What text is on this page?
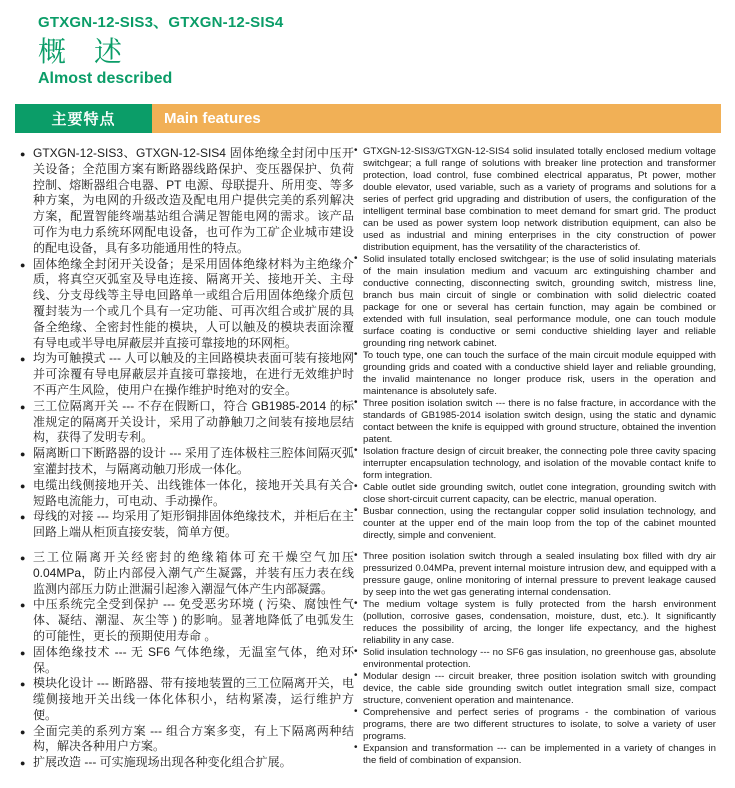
GTXGN-12-SIS3、GTXGN-12-SIS4
概　述
Almost described
主要特点	Main features
● GTXGN-12-SIS3、GTXGN-12-SIS4 固体绝缘全封闭中压开关设备；全范围方案有断路器线路保护、变压器保护、负荷控制、熔断器组合电器、PT 电源、母联提升、所用变、等多种方案，为电网的升级改造及配电用户提供完美的系列解决方案，配置智能终端基站组合满足智能电网的需求。该产品可作为电力系统环网配电设备，也可作为工矿企业城市建设的配电设备，具有多功能通用性的特点。
● 固体绝缘全封闭开关设备；是采用固体绝缘材料为主绝缘介质，将真空灭弧室及导电连接、隔离开关、接地开关、主母线、分支母线等主导电回路单一或组合后用固体绝缘介质包覆封装为一个或几个具有一定功能、可再次组合或扩展的具备全绝缘、全密封性能的模块，人可以触及的模块表面涂覆有导电或半导电屏蔽层并直接可靠接地的环网柜。
● 均为可触摸式 --- 人可以触及的主回路模块表面可装有接地网并可涂覆有导电屏蔽层并直接可靠接地，在进行无效维护时不再产生风险，使用户在操作维护时绝对的安全。
● 三工位隔离开关 --- 不存在假断口，符合 GB1985-2014 的标准规定的隔离开关设计，采用了动静触刀之间装有接地层结构，获得了发明专利。
● 隔离断口下断路器的设计 --- 采用了连体极柱三腔体间隔灭弧室灌封技术，与隔离动触刀形成一体化。
● 电缆出线侧接地开关、出线锥体一体化，接地开关具有关合短路电流能力，可电动、手动操作。
● 母线的对接 --- 均采用了矩形铜排固体绝缘技术，并柜后在主回路上端从柜顶直接安装，简单方便。
● 三工位隔离开关经密封的绝缘箱体可充干燥空气加压 0.04MPa，防止内部侵入潮气产生凝露，并装有压力表在线监测内部压力防止泄漏引起渗入潮湿气体产生内部凝露。
● 中压系统完全受到保护 --- 免受恶劣环境 ( 污染、腐蚀性气体、凝结、潮湿、灰尘等 ) 的影响。显著地降低了电弧发生的可能性，更长的预期使用寿命 。
● 固体绝缘技术 --- 无 SF6 气体绝缘，无温室气体，绝对环保。
● 模块化设计 --- 断路器、带有接地装置的三工位隔离开关，电缆侧接地开关出线一体化体积小，结构紧凑，运行维护方便。
● 全面完美的系列方案 --- 组合方案多变，有上下隔离两种结构，解决各种用户方案。
● 扩展改造 --- 可实施现场出现各种变化组合扩展。
• GTXGN-12-SIS3/GTXGN-12-SIS4 solid insulated totally enclosed medium voltage switchgear; a full range of solutions with breaker line protection and transformer protection, load control, fuse combined electrical apparatus, Pt power, mother double elevator, used variable, such as a variety of programs and solutions for a series of perfect grid upgrading and distribution of users, the configuration of the intelligent terminal base combination to meet demand for smart grid. The product can be used as power system loop network distribution equipment, can also be used as industrial and mining enterprises in the city construction of power distribution equipment, has the versatility of the characteristics of.
• Solid insulated totally enclosed switchgear; is the use of solid insulating materials of the main insulation medium and vacuum arc extinguishing chamber and conductive connecting, disconnecting switch, grounding switch, mistress line, branch bus main circuit of single or combination with solid dielectric coated package for one or several has certain function, may again be combined or extended with full insulation, seal performance module, one can touch module surface coating is conductive or semi conductive shielding layer and reliable grounding ring network cabinet.
• To touch type, one can touch the surface of the main circuit module equipped with grounding grids and coated with a conductive shield layer and reliable grounding, the invalid maintenance no longer produce risk, users in the operation and maintenance is absolutely safe.
• Three position isolation switch --- there is no false fracture, in accordance with the standards of GB1985-2014 isolation switch design, using the static and dynamic contact between the knife is equipped with ground structure, obtained the invention patent.
• Isolation fracture design of circuit breaker, the connecting pole three cavity spacing interrupter encapsulation technology, and isolation of the movable contact knife to form integration.
• Cable outlet side grounding switch, outlet cone integration, grounding switch with close short-circuit current capacity, can be electric, manual operation.
• Busbar connection, using the rectangular copper solid insulation technology, and counter at the upper end of the main loop from the top of the cabinet mounted directly, simple and convenient.
• Three position isolation switch through a sealed insulating box filled with dry air pressurized 0.04MPa, prevent internal moisture intrusion dew, and equipped with a pressure gauge, online monitoring of internal pressure to prevent leakage caused by seep into the wet gas generating internal condensation.
• The medium voltage system is fully protected from the harsh environment (pollution, corrosive gases, condensation, moisture, dust, etc.). It significantly reduces the possibility of arcing, the longer life expectancy, and the highest reliability in any case.
• Solid insulation technology --- no SF6 gas insulation, no greenhouse gas, absolute environmental protection.
• Modular design --- circuit breaker, three position isolation switch with grounding device, the cable side grounding switch outlet integration small size, compact structure, convenient operation and maintenance.
• Comprehensive and perfect series of programs - the combination of various programs, there are two different structures to isolate, to solve a variety of user programs.
• Expansion and transformation --- can be implemented in a variety of changes in the field of combination of expansion.
